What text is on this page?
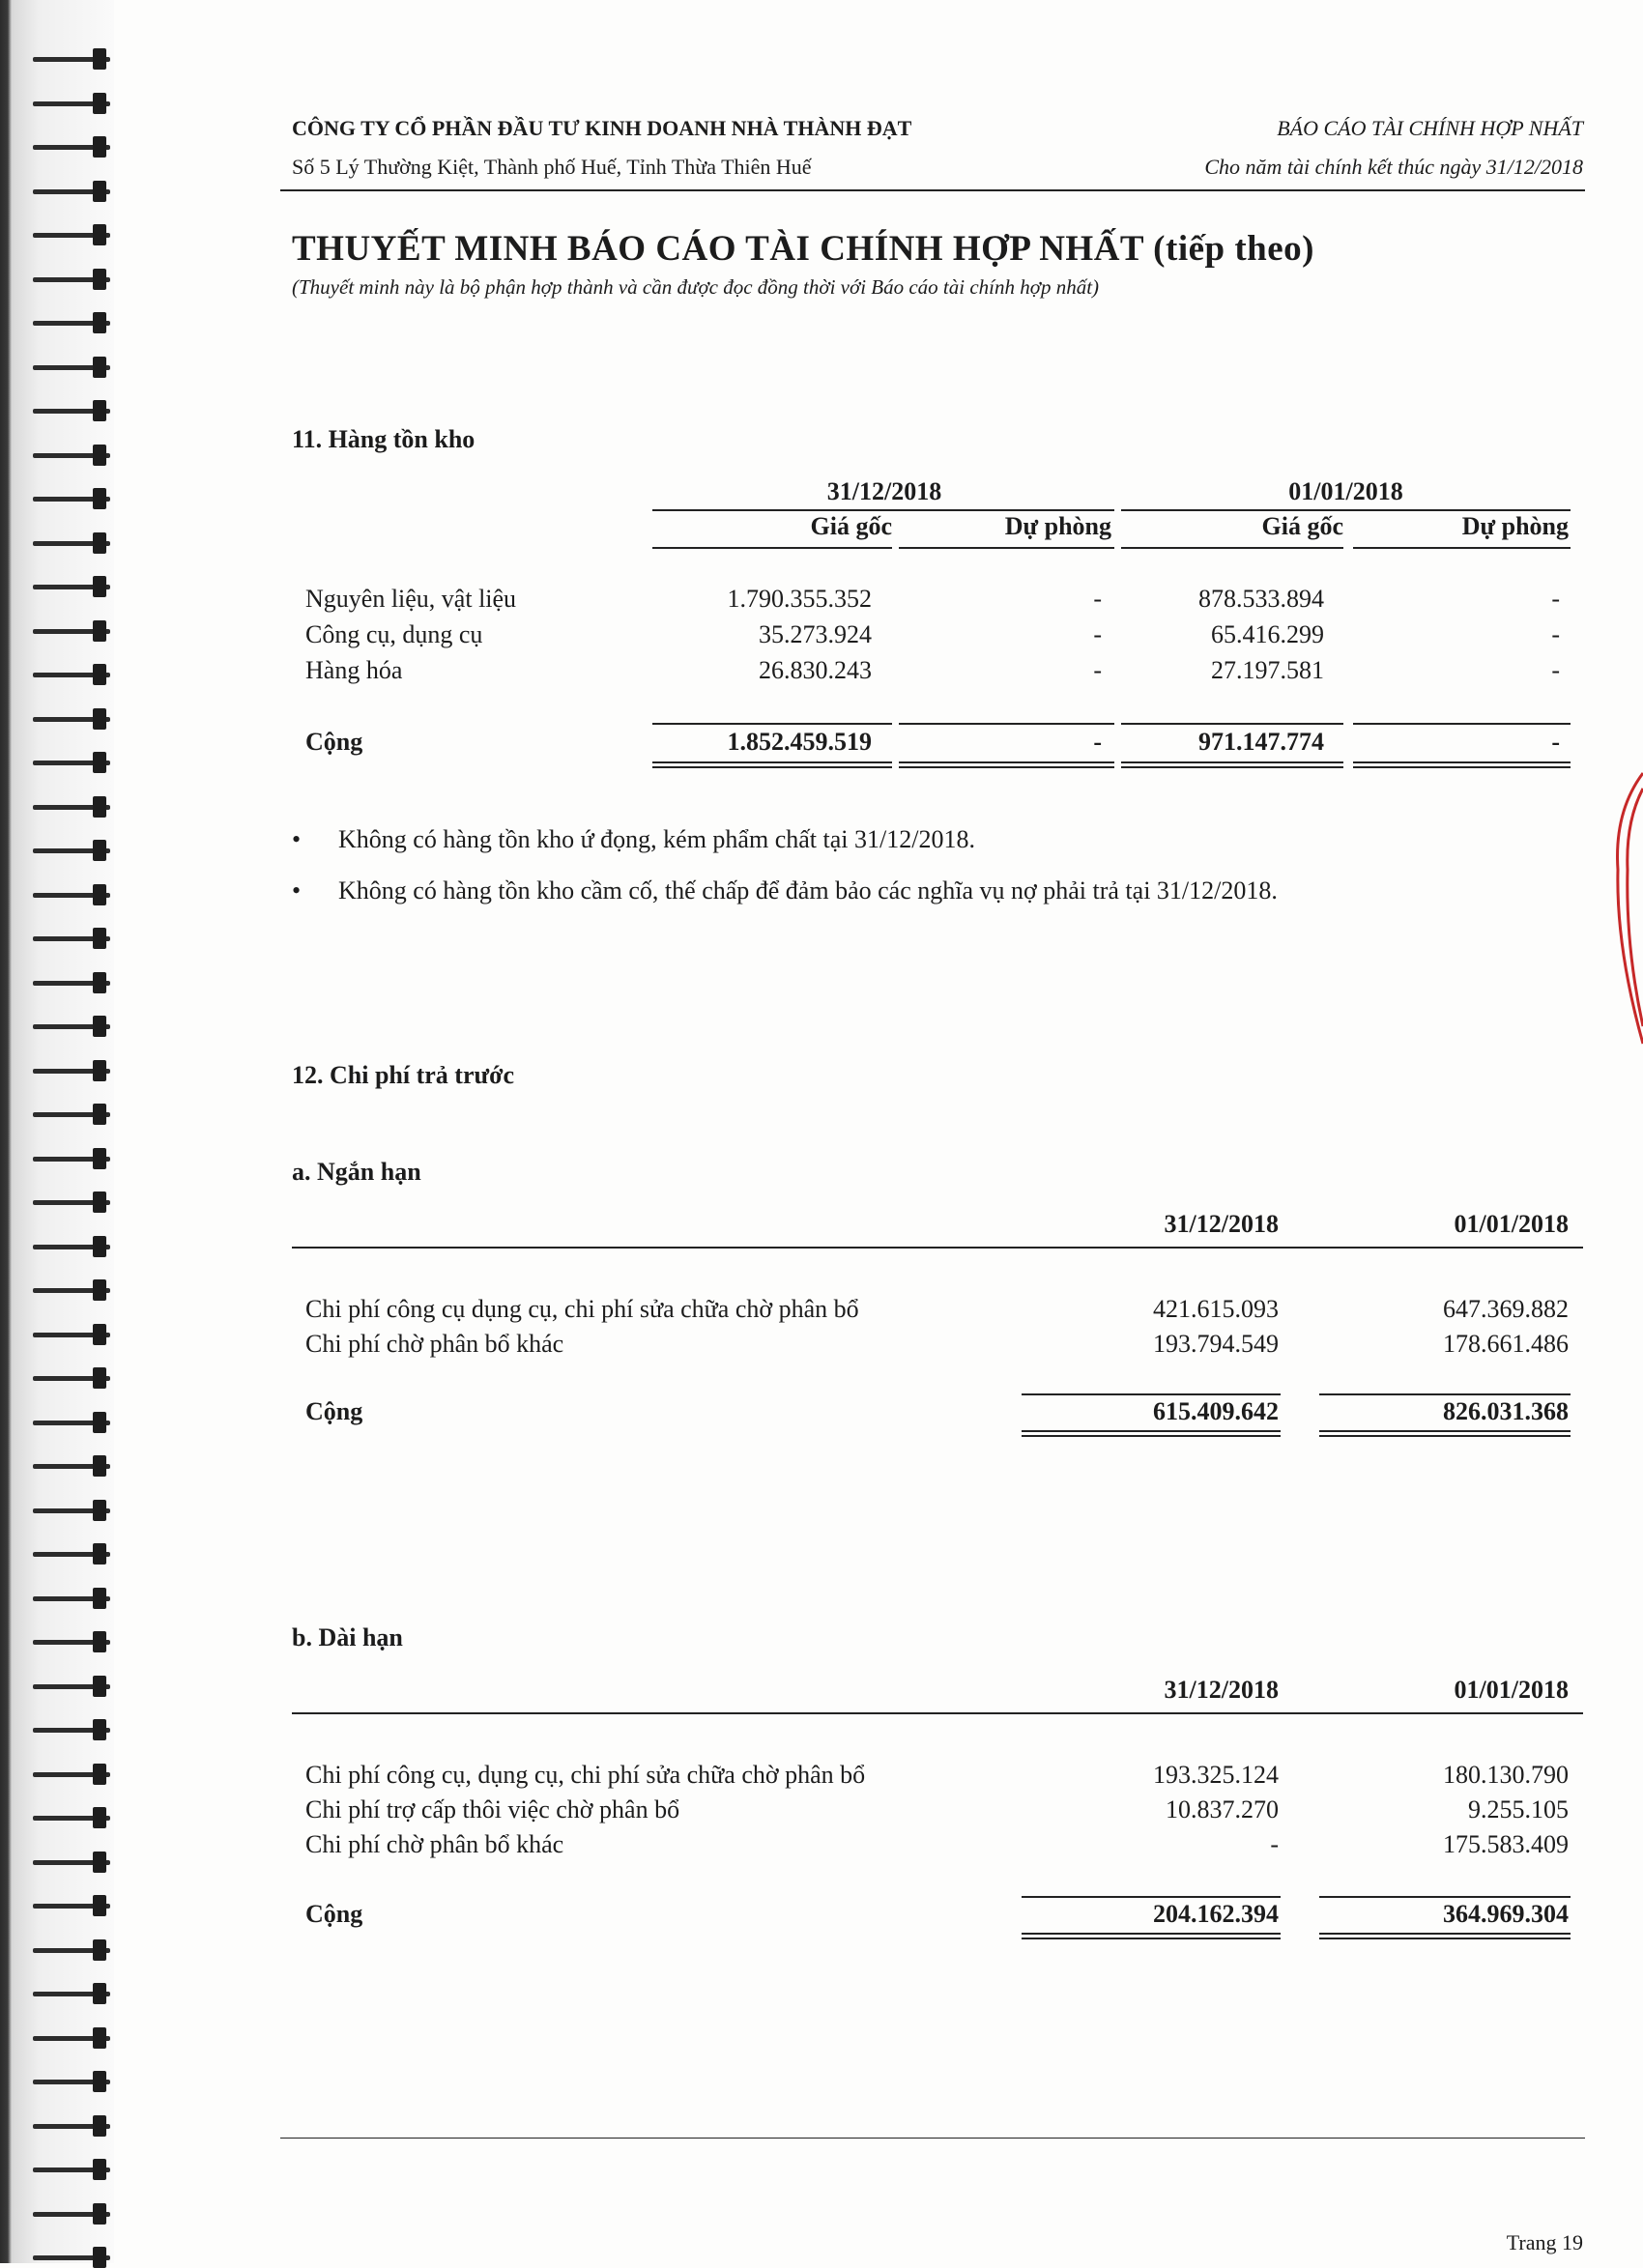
CÔNG TY CỔ PHẦN ĐẦU TƯ KINH DOANH NHÀ THÀNH ĐẠT
Số 5 Lý Thường Kiệt, Thành phố Huế, Tỉnh Thừa Thiên Huế
BÁO CÁO TÀI CHÍNH HỢP NHẤT
Cho năm tài chính kết thúc ngày 31/12/2018
THUYẾT MINH BÁO CÁO TÀI CHÍNH HỢP NHẤT (tiếp theo)
(Thuyết minh này là bộ phận hợp thành và cần được đọc đồng thời với Báo cáo tài chính hợp nhất)
11. Hàng tồn kho
31/12/2018	01/01/2018
Giá gốc	Dự phòng	Giá gốc	Dự phòng
Nguyên liệu, vật liệu	1.790.355.352	-	878.533.894	-
Công cụ, dụng cụ	35.273.924	-	65.416.299	-
Hàng hóa	26.830.243	-	27.197.581	-
Cộng	1.852.459.519	-	971.147.774	-
• Không có hàng tồn kho ứ đọng, kém phẩm chất tại 31/12/2018.
• Không có hàng tồn kho cầm cố, thế chấp để đảm bảo các nghĩa vụ nợ phải trả tại 31/12/2018.
12. Chi phí trả trước
a. Ngắn hạn
31/12/2018	01/01/2018
Chi phí công cụ dụng cụ, chi phí sửa chữa chờ phân bổ	421.615.093	647.369.882
Chi phí chờ phân bổ khác	193.794.549	178.661.486
Cộng	615.409.642	826.031.368
b. Dài hạn
31/12/2018	01/01/2018
Chi phí công cụ, dụng cụ, chi phí sửa chữa chờ phân bổ	193.325.124	180.130.790
Chi phí trợ cấp thôi việc chờ phân bổ	10.837.270	9.255.105
Chi phí chờ phân bổ khác	-	175.583.409
Cộng	204.162.394	364.969.304
Trang 19
